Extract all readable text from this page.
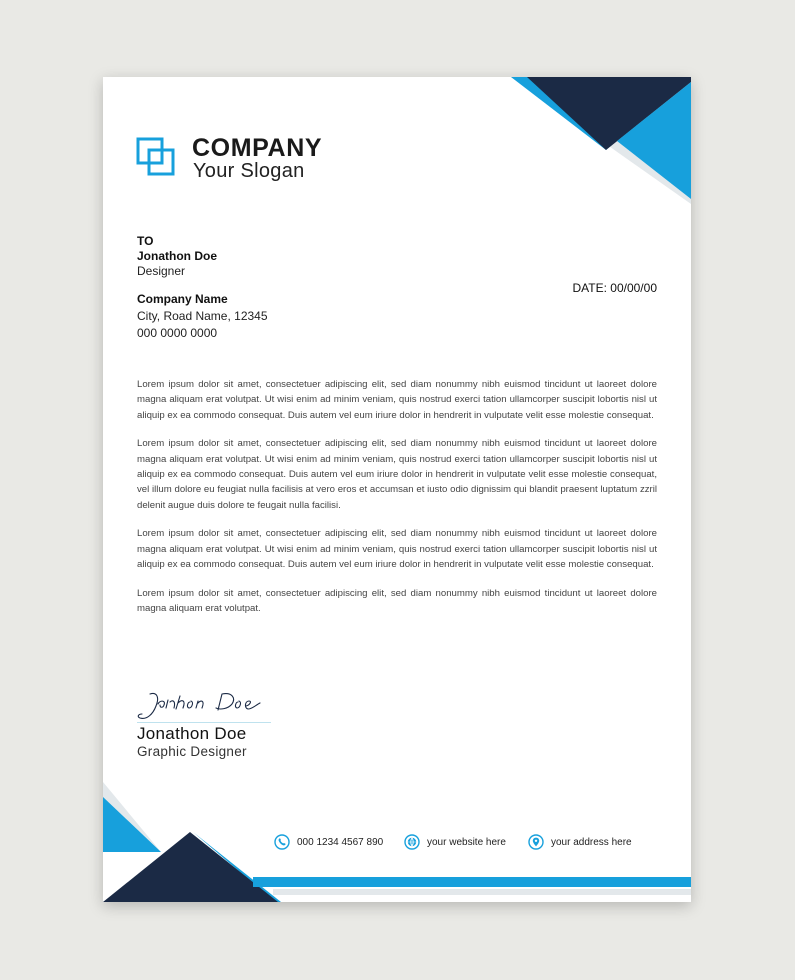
COMPANY
Your Slogan
TO
Jonathon Doe
Designer
Company Name
City, Road Name, 12345
000 0000 0000
DATE: 00/00/00

Lorem ipsum dolor sit amet, consectetuer adipiscing elit, sed diam nonummy nibh euismod tincidunt ut laoreet dolore magna aliquam erat volutpat. Ut wisi enim ad minim veniam, quis nostrud exerci tation ullamcorper suscipit lobortis nisl ut aliquip ex ea commodo consequat. Duis autem vel eum iriure dolor in hendrerit in vulputate velit esse molestie consequat.

Lorem ipsum dolor sit amet, consectetuer adipiscing elit, sed diam nonummy nibh euismod tincidunt ut laoreet dolore magna aliquam erat volutpat. Ut wisi enim ad minim veniam, quis nostrud exerci tation ullamcorper suscipit lobortis nisl ut aliquip ex ea commodo consequat. Duis autem vel eum iriure dolor in hendrerit in vulputate velit esse molestie consequat, vel illum dolore eu feugiat nulla facilisis at vero eros et accumsan et iusto odio dignissim qui blandit praesent luptatum zzril delenit augue duis dolore te feugait nulla facilisi.

Lorem ipsum dolor sit amet, consectetuer adipiscing elit, sed diam nonummy nibh euismod tincidunt ut laoreet dolore magna aliquam erat volutpat. Ut wisi enim ad minim veniam, quis nostrud exerci tation ullamcorper suscipit lobortis nisl ut aliquip ex ea commodo consequat. Duis autem vel eum iriure dolor in hendrerit in vulputate velit esse molestie consequat.

Lorem ipsum dolor sit amet, consectetuer adipiscing elit, sed diam nonummy nibh euismod tincidunt ut laoreet dolore magna aliquam erat volutpat.

Jonathon Doe
Graphic Designer
000 1234 4567 890	your website here	your address here
